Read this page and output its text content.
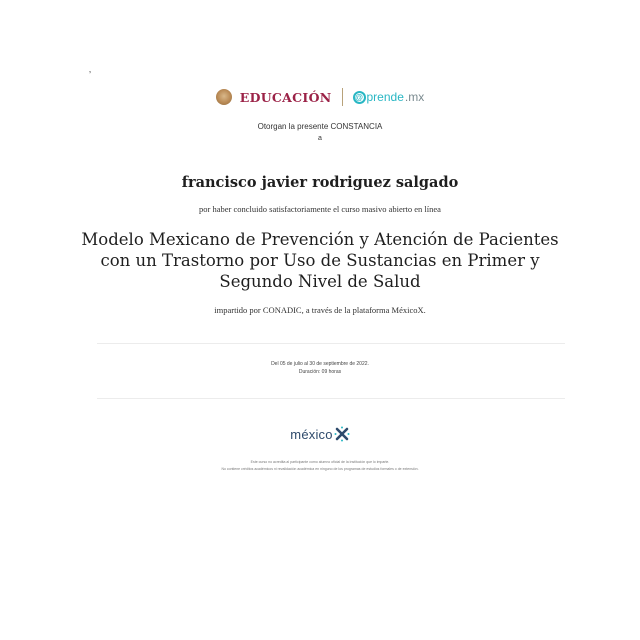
‚
EDUCACIÓN	@ prende .mx
Otorgan la presente CONSTANCIA
a
francisco javier rodriguez salgado
por haber concluido satisfactoriamente el curso masivo abierto en línea
Modelo Mexicano de Prevención y Atención de Pacientes con un Trastorno por Uso de Sustancias en Primer y Segundo Nivel de Salud
impartido por CONADIC, a través de la plataforma MéxicoX.
Del 05 de julio al 30 de septiembre de 2022.
Duración: 09 horas
méxico
Este curso no acredita al participante como alumno oficial de la institución que lo imparte.
No contiene créditos académicos ni revalidación académica en ninguno de los programas de estudios formales o de extensión.
